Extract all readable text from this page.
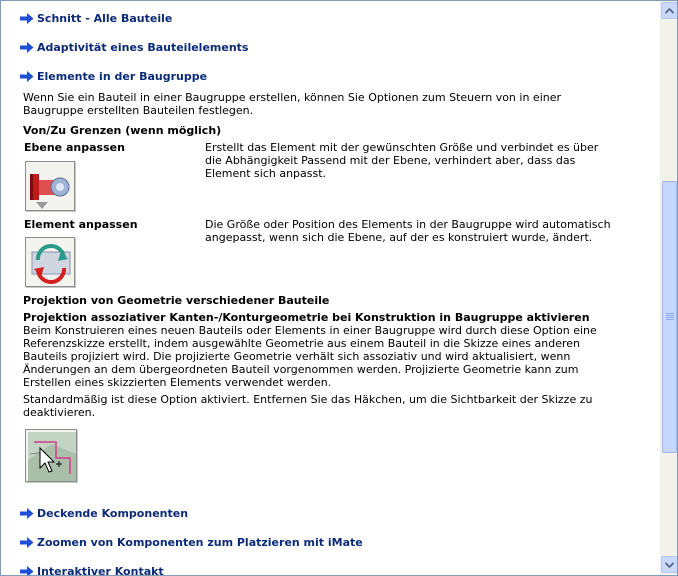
Schnitt - Alle Bauteile
Adaptivität eines Bauteilelements
Elemente in der Baugruppe
Wenn Sie ein Bauteil in einer Baugruppe erstellen, können Sie Optionen zum Steuern von in einer Baugruppe erstellten Bauteilen festlegen.
Von/Zu Grenzen (wenn möglich)
Ebene anpassen	Erstellt das Element mit der gewünschten Größe und verbindet es über die Abhängigkeit Passend mit der Ebene, verhindert aber, dass das Element sich anpasst.
Element anpassen	Die Größe oder Position des Elements in der Baugruppe wird automatisch angepasst, wenn sich die Ebene, auf der es konstruiert wurde, ändert.
Projektion von Geometrie verschiedener Bauteile
Projektion assoziativer Kanten-/Konturgeometrie bei Konstruktion in Baugruppe aktivieren
Beim Konstruieren eines neuen Bauteils oder Elements in einer Baugruppe wird durch diese Option eine Referenzskizze erstellt, indem ausgewählte Geometrie aus einem Bauteil in die Skizze eines anderen Bauteils projiziert wird. Die projizierte Geometrie verhält sich assoziativ und wird aktualisiert, wenn Änderungen an dem übergeordneten Bauteil vorgenommen werden. Projizierte Geometrie kann zum Erstellen eines skizzierten Elements verwendet werden.
Standardmäßig ist diese Option aktiviert. Entfernen Sie das Häkchen, um die Sichtbarkeit der Skizze zu deaktivieren.
Deckende Komponenten
Zoomen von Komponenten zum Platzieren mit iMate
Interaktiver Kontakt
